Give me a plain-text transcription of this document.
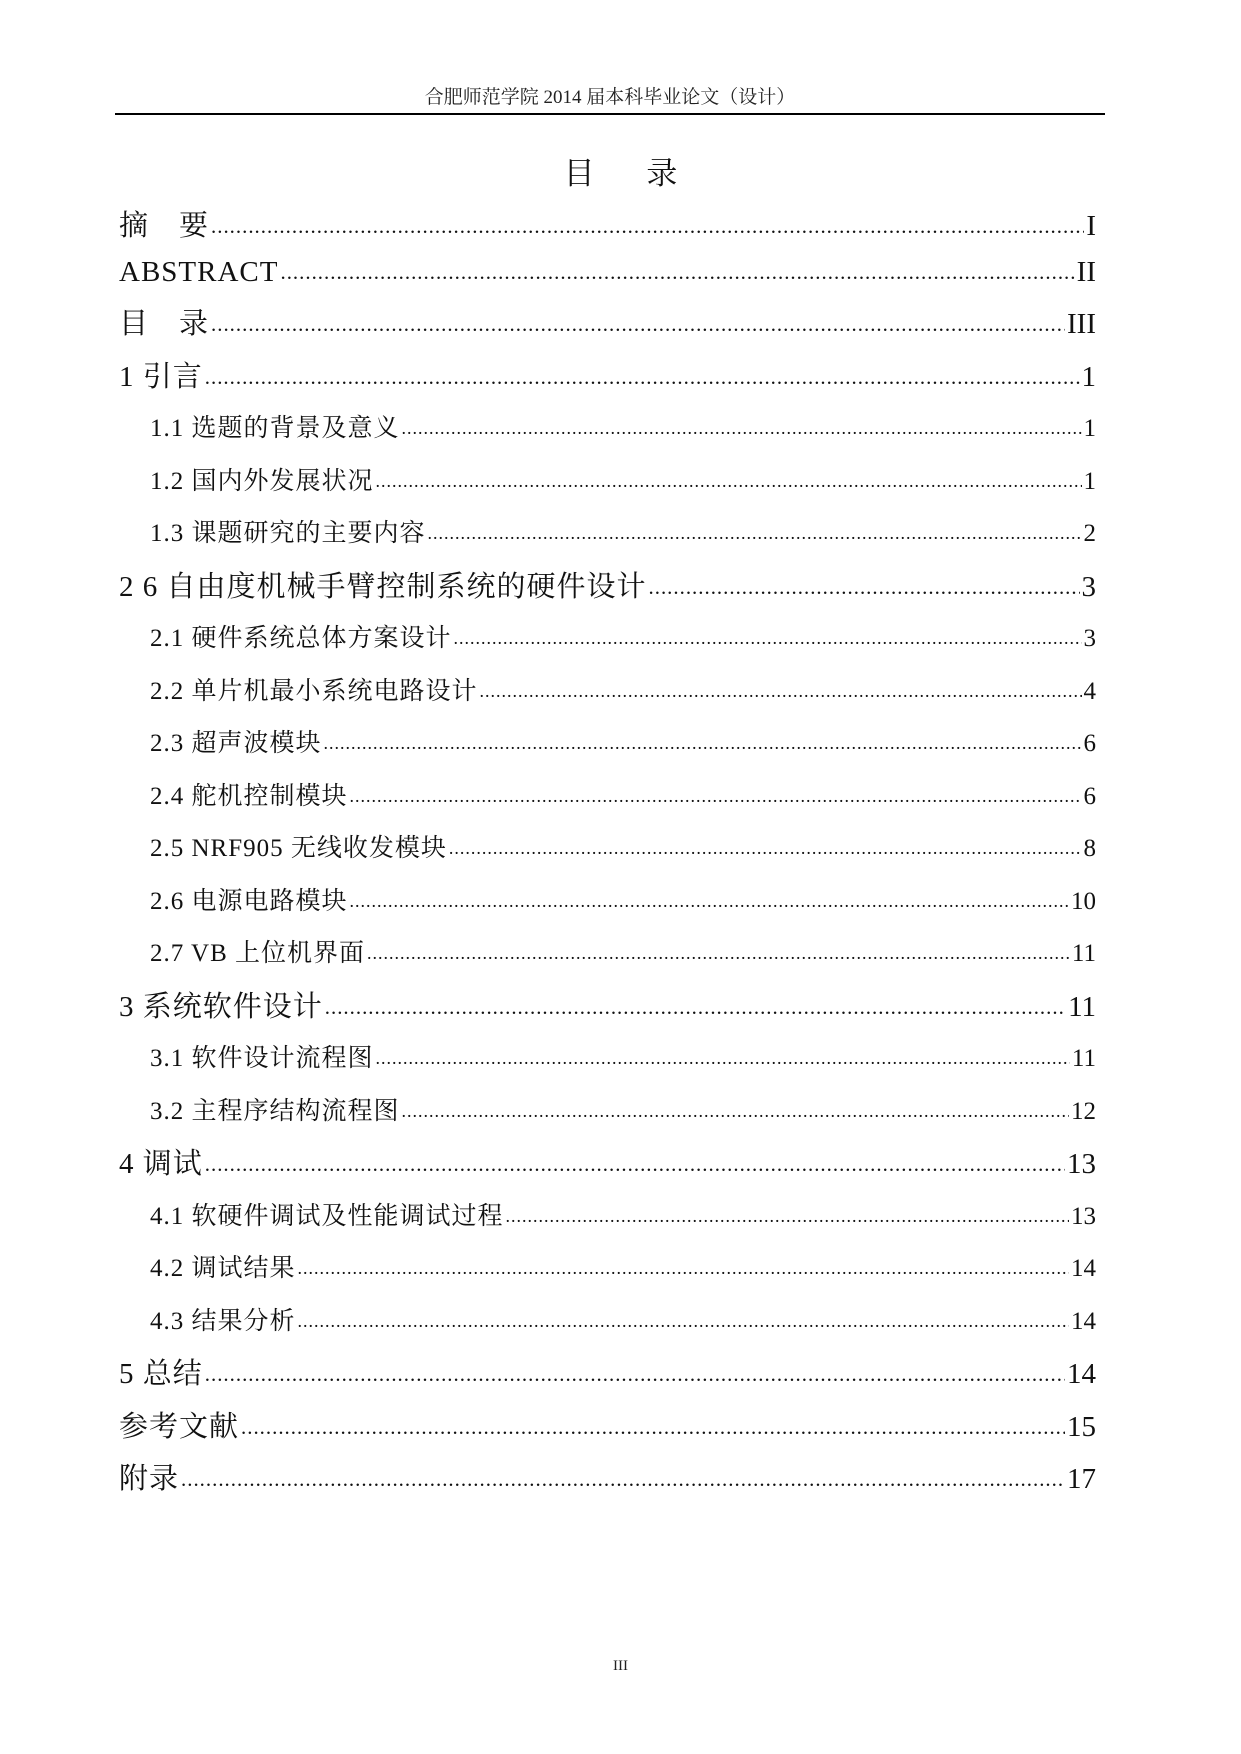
合肥师范学院 2014 届本科毕业论文（设计）
目 录
摘　要 .....	I
ABSTRACT .....	II
目　录 .....	III
1 引言 .....	1
1.1 选题的背景及意义 .....	1
1.2 国内外发展状况 .....	1
1.3 课题研究的主要内容 .....	2
2 6 自由度机械手臂控制系统的硬件设计 .....	3
2.1 硬件系统总体方案设计 .....	3
2.2 单片机最小系统电路设计 .....	4
2.3 超声波模块 .....	6
2.4 舵机控制模块 .....	6
2.5 NRF905 无线收发模块 .....	8
2.6 电源电路模块 .....	10
2.7 VB 上位机界面 .....	11
3 系统软件设计 .....	11
3.1 软件设计流程图 .....	11
3.2 主程序结构流程图 .....	12
4 调试 .....	13
4.1 软硬件调试及性能调试过程 .....	13
4.2 调试结果 .....	14
4.3 结果分析 .....	14
5 总结 .....	14
参考文献 .....	15
附录 .....	17
III
